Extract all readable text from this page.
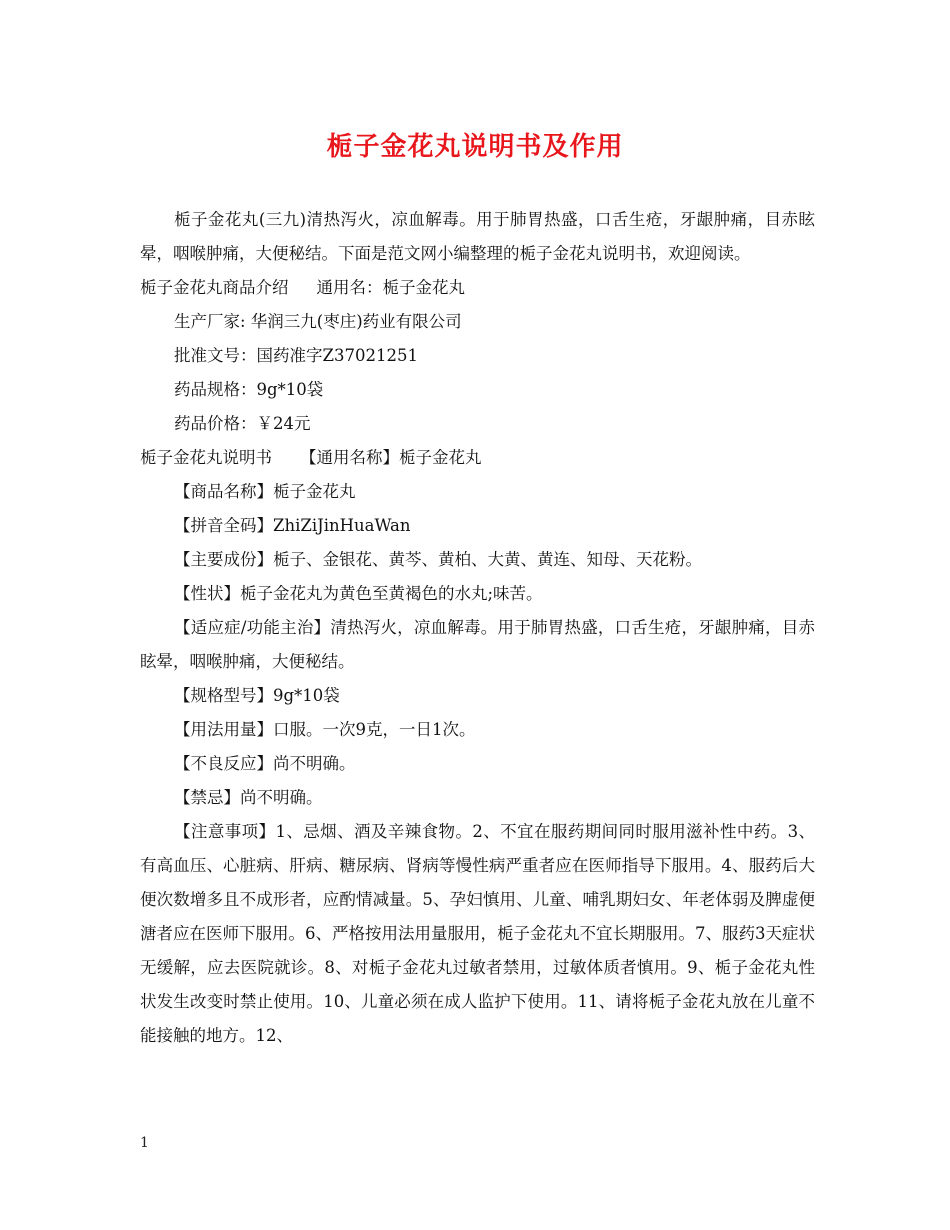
栀子金花丸说明书及作用

栀子金花丸(三九)清热泻火，凉血解毒。用于肺胃热盛，口舌生疮，牙龈肿痛，目赤眩晕，咽喉肿痛，大便秘结。下面是范文网小编整理的栀子金花丸说明书，欢迎阅读。

栀子金花丸商品介绍 通用名：栀子金花丸

生产厂家: 华润三九(枣庄)药业有限公司

批准文号：国药准字Z37021251

药品规格：9g*10袋

药品价格：￥24元

栀子金花丸说明书 【通用名称】栀子金花丸

【商品名称】栀子金花丸

【拼音全码】ZhiZiJinHuaWan

【主要成份】栀子、金银花、黄芩、黄柏、大黄、黄连、知母、天花粉。

【性状】栀子金花丸为黄色至黄褐色的水丸;味苦。

【适应症/功能主治】清热泻火，凉血解毒。用于肺胃热盛，口舌生疮，牙龈肿痛，目赤眩晕，咽喉肿痛，大便秘结。

【规格型号】9g*10袋

【用法用量】口服。一次9克，一日1次。

【不良反应】尚不明确。

【禁忌】尚不明确。

【注意事项】1、忌烟、酒及辛辣食物。2、不宜在服药期间同时服用滋补性中药。3、有高血压、心脏病、肝病、糖尿病、肾病等慢性病严重者应在医师指导下服用。4、服药后大便次数增多且不成形者，应酌情减量。5、孕妇慎用、儿童、哺乳期妇女、年老体弱及脾虚便溏者应在医师下服用。6、严格按用法用量服用，栀子金花丸不宜长期服用。7、服药3天症状无缓解，应去医院就诊。8、对栀子金花丸过敏者禁用，过敏体质者慎用。9、栀子金花丸性状发生改变时禁止使用。10、儿童必须在成人监护下使用。11、请将栀子金花丸放在儿童不能接触的地方。12、

1
